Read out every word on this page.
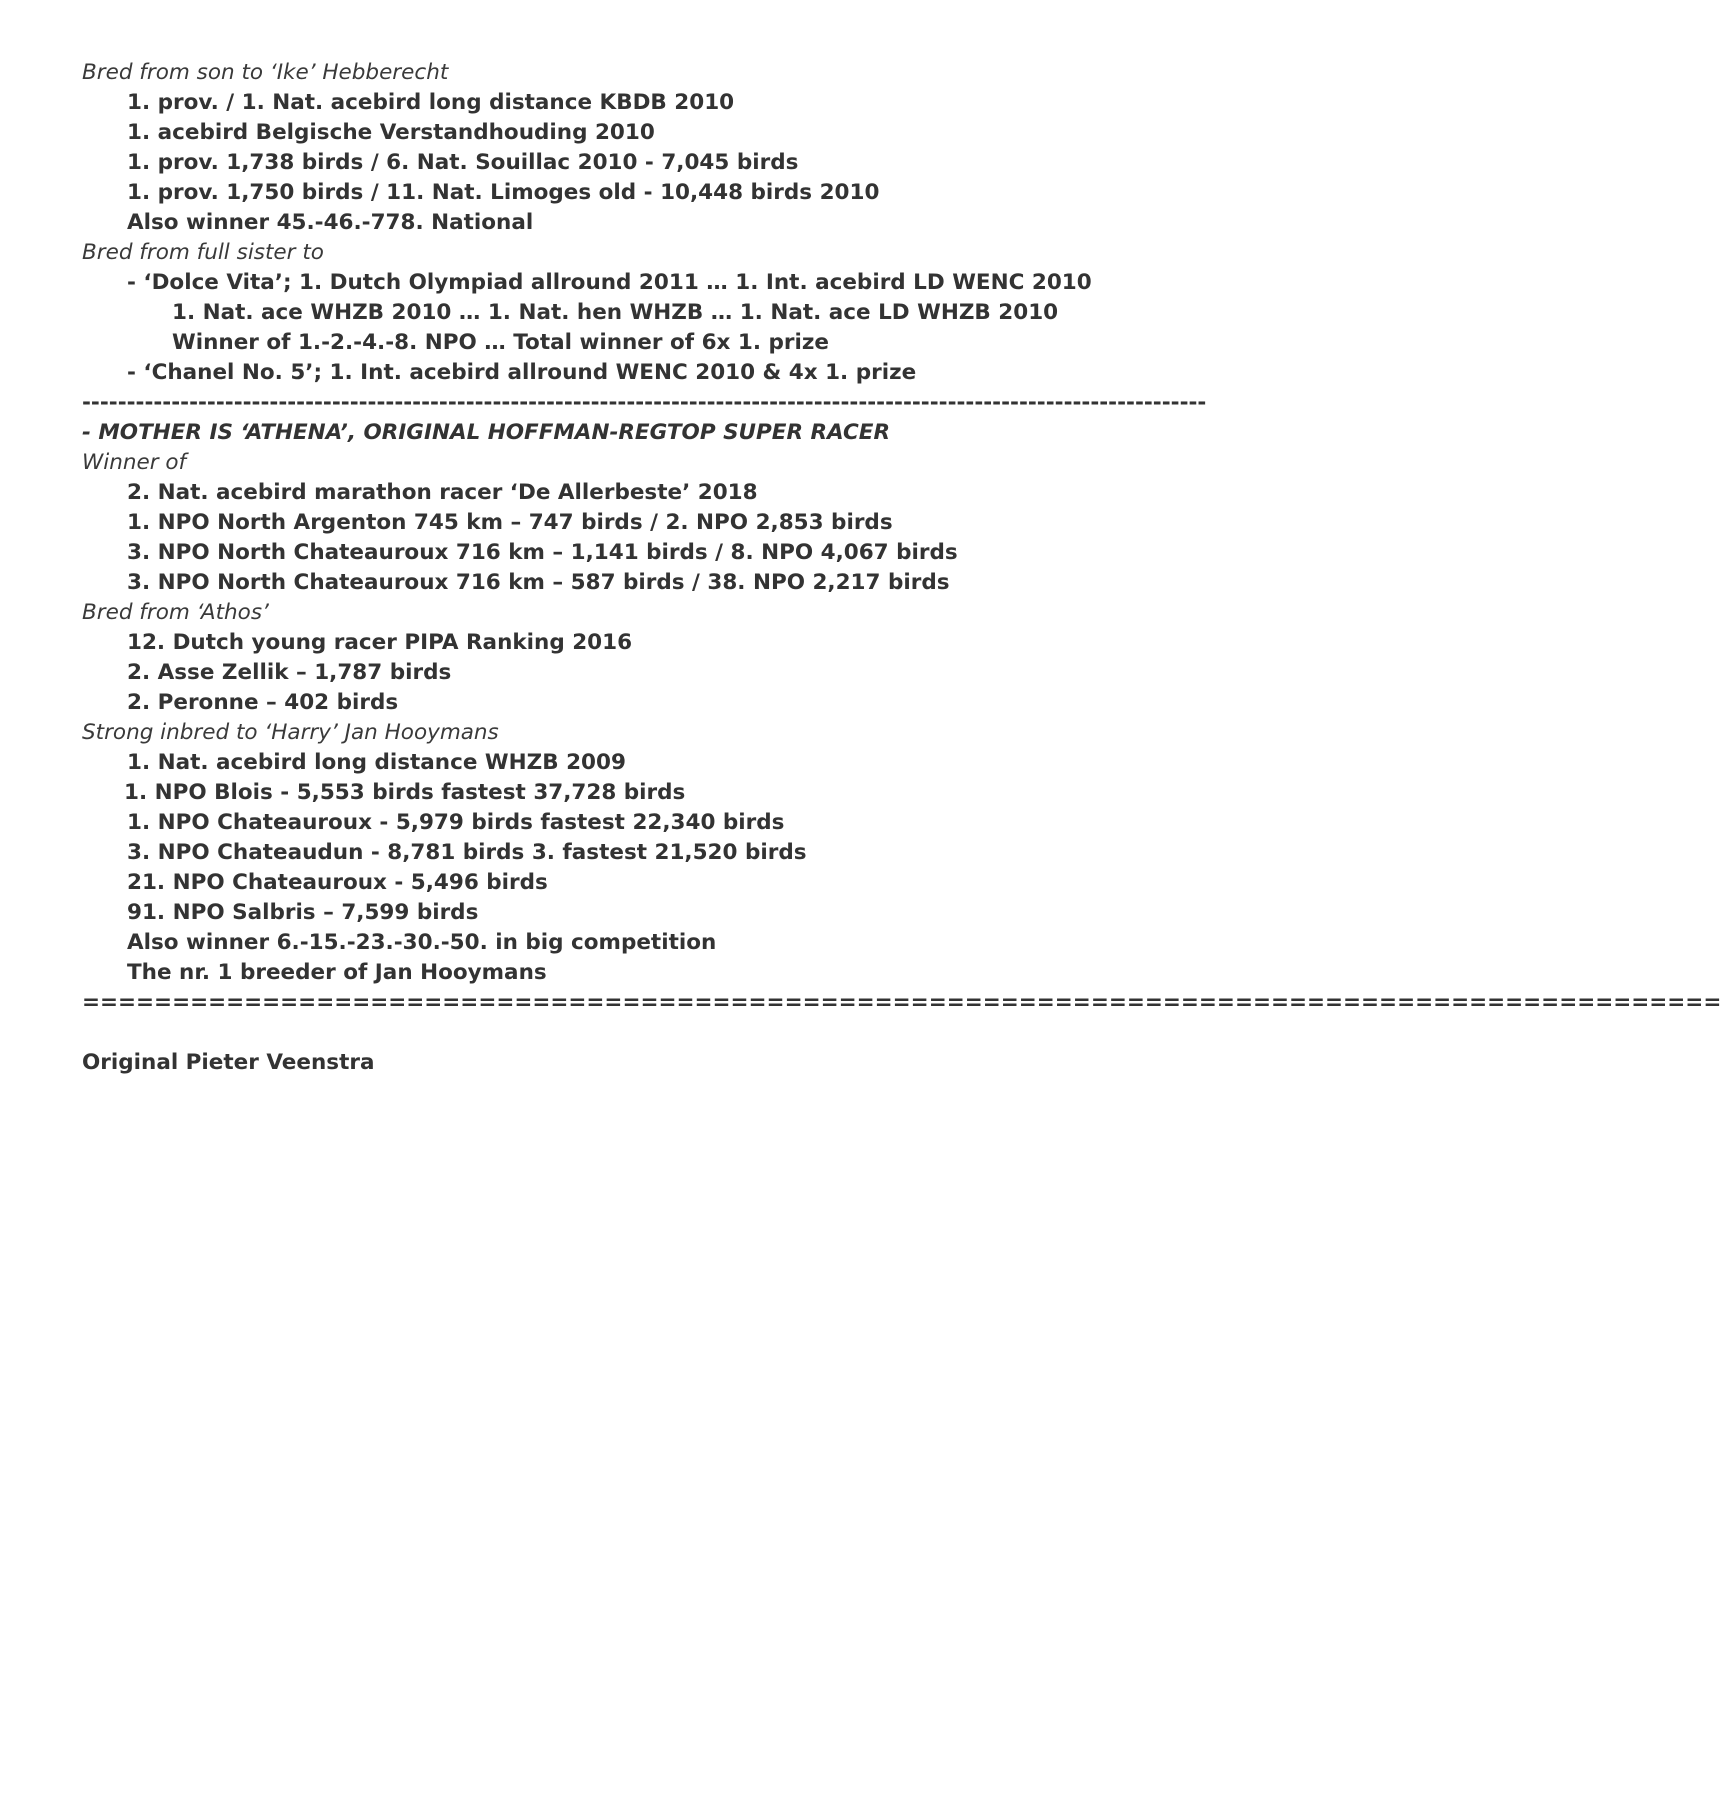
Bred from son to ‘Ike’ Hebberecht
1. prov. / 1. Nat. acebird long distance KBDB 2010
1. acebird Belgische Verstandhouding 2010
1. prov. 1,738 birds / 6. Nat. Souillac 2010 - 7,045 birds
1. prov. 1,750 birds / 11. Nat. Limoges old - 10,448 birds 2010
Also winner 45.-46.-778. National
Bred from full sister to
- ‘Dolce Vita’; 1. Dutch Olympiad allround 2011 … 1. Int. acebird LD WENC 2010
1. Nat. ace WHZB 2010 … 1. Nat. hen WHZB … 1. Nat. ace LD WHZB 2010
Winner of 1.-2.-4.-8. NPO … Total winner of 6x 1. prize
- ‘Chanel No. 5’; 1. Int. acebird allround WENC 2010 & 4x 1. prize
------------------------------------------------------------------------------------------------------------------------------
- MOTHER IS ‘ATHENA’, ORIGINAL HOFFMAN-REGTOP SUPER RACER
Winner of
2. Nat. acebird marathon racer ‘De Allerbeste’ 2018
1. NPO North Argenton 745 km – 747 birds / 2. NPO 2,853 birds
3. NPO North Chateauroux 716 km – 1,141 birds / 8. NPO 4,067 birds
3. NPO North Chateauroux 716 km – 587 birds / 38. NPO 2,217 birds
Bred from ‘Athos’
12. Dutch young racer PIPA Ranking 2016
2. Asse Zellik – 1,787 birds
2. Peronne – 402 birds
Strong inbred to ‘Harry’ Jan Hooymans
1. Nat. acebird long distance WHZB 2009
1. NPO Blois - 5,553 birds fastest 37,728 birds
1. NPO Chateauroux - 5,979 birds fastest 22,340 birds
3. NPO Chateaudun - 8,781 birds 3. fastest 21,520 birds
21. NPO Chateauroux - 5,496 birds
91. NPO Salbris – 7,599 birds
Also winner 6.-15.-23.-30.-50. in big competition
The nr. 1 breeder of Jan Hooymans
===========================================================================================
Original Pieter Veenstra
